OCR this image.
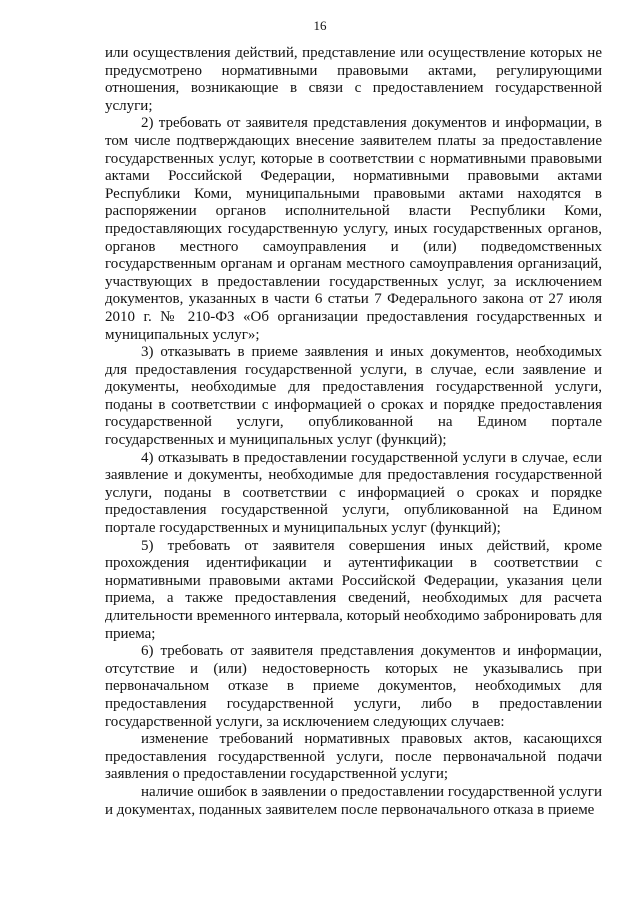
16

или осуществления действий, представление или осуществление которых не предусмотрено нормативными правовыми актами, регулирующими отношения, возникающие в связи с предоставлением государственной услуги;

2) требовать от заявителя представления документов и информации, в том числе подтверждающих внесение заявителем платы за предоставление государственных услуг, которые в соответствии с нормативными правовыми актами Российской Федерации, нормативными правовыми актами Республики Коми, муниципальными правовыми актами находятся в распоряжении органов исполнительной власти Республики Коми, предоставляющих государственную услугу, иных государственных органов, органов местного самоуправления и (или) подведомственных государственным органам и органам местного самоуправления организаций, участвующих в предоставлении государственных услуг, за исключением документов, указанных в части 6 статьи 7 Федерального закона от 27 июля 2010 г. № 210-ФЗ «Об организации предоставления государственных и муниципальных услуг»;

3) отказывать в приеме заявления и иных документов, необходимых для предоставления государственной услуги, в случае, если заявление и документы, необходимые для предоставления государственной услуги, поданы в соответствии с информацией о сроках и порядке предоставления государственной услуги, опубликованной на Едином портале государственных и муниципальных услуг (функций);

4) отказывать в предоставлении государственной услуги в случае, если заявление и документы, необходимые для предоставления государственной услуги, поданы в соответствии с информацией о сроках и порядке предоставления государственной услуги, опубликованной на Едином портале государственных и муниципальных услуг (функций);

5) требовать от заявителя совершения иных действий, кроме прохождения идентификации и аутентификации в соответствии с нормативными правовыми актами Российской Федерации, указания цели приема, а также предоставления сведений, необходимых для расчета длительности временного интервала, который необходимо забронировать для приема;

6) требовать от заявителя представления документов и информации, отсутствие и (или) недостоверность которых не указывались при первоначальном отказе в приеме документов, необходимых для предоставления государственной услуги, либо в предоставлении государственной услуги, за исключением следующих случаев:

изменение требований нормативных правовых актов, касающихся предоставления государственной услуги, после первоначальной подачи заявления о предоставлении государственной услуги;

наличие ошибок в заявлении о предоставлении государственной услуги и документах, поданных заявителем после первоначального отказа в приеме
